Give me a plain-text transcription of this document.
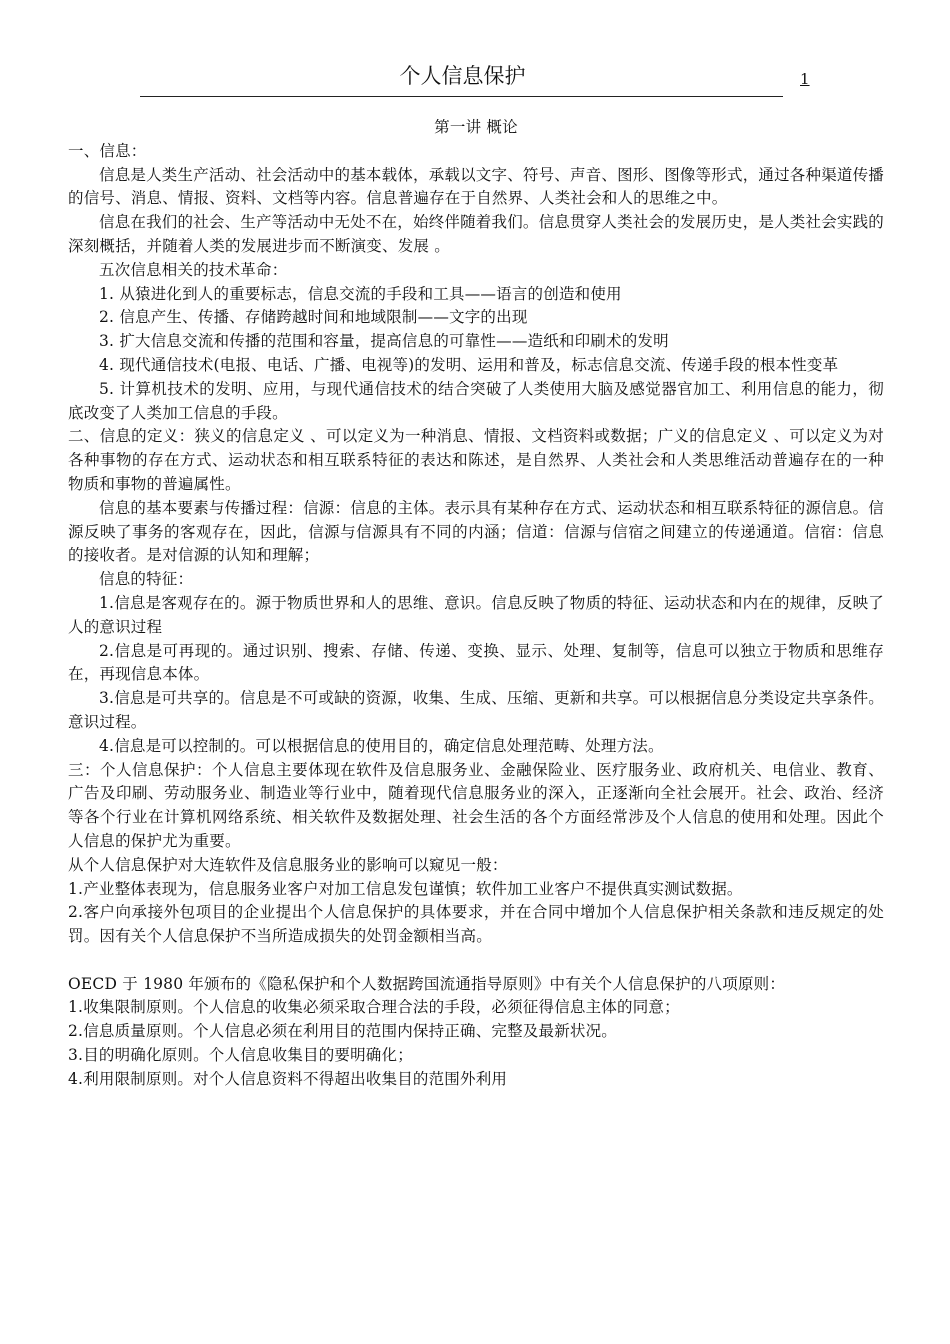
个人信息保护	1

第一讲 概论

一、信息：

信息是人类生产活动、社会活动中的基本载体，承载以文字、符号、声音、图形、图像等形式，通过各种渠道传播的信号、消息、情报、资料、文档等内容。信息普遍存在于自然界、人类社会和人的思维之中。

信息在我们的社会、生产等活动中无处不在，始终伴随着我们。信息贯穿人类社会的发展历史，是人类社会实践的深刻概括，并随着人类的发展进步而不断演变、发展 。

五次信息相关的技术革命：

1. 从猿进化到人的重要标志，信息交流的手段和工具——语言的创造和使用

2. 信息产生、传播、存储跨越时间和地域限制——文字的出现

3. 扩大信息交流和传播的范围和容量，提高信息的可靠性——造纸和印刷术的发明

4. 现代通信技术(电报、电话、广播、电视等)的发明、运用和普及，标志信息交流、传递手段的根本性变革

5. 计算机技术的发明、应用，与现代通信技术的结合突破了人类使用大脑及感觉器官加工、利用信息的能力，彻底改变了人类加工信息的手段。

二、信息的定义：狭义的信息定义 、可以定义为一种消息、情报、文档资料或数据；广义的信息定义 、可以定义为对各种事物的存在方式、运动状态和相互联系特征的表达和陈述，是自然界、人类社会和人类思维活动普遍存在的一种物质和事物的普遍属性。

信息的基本要素与传播过程：信源：信息的主体。表示具有某种存在方式、运动状态和相互联系特征的源信息。信源反映了事务的客观存在，因此，信源与信源具有不同的内涵；信道：信源与信宿之间建立的传递通道。信宿：信息的接收者。是对信源的认知和理解；

信息的特征：

1.信息是客观存在的。源于物质世界和人的思维、意识。信息反映了物质的特征、运动状态和内在的规律，反映了人的意识过程

2.信息是可再现的。通过识别、搜索、存储、传递、变换、显示、处理、复制等，信息可以独立于物质和思维存在，再现信息本体。

3.信息是可共享的。信息是不可或缺的资源，收集、生成、压缩、更新和共享。可以根据信息分类设定共享条件。意识过程。

4.信息是可以控制的。可以根据信息的使用目的，确定信息处理范畴、处理方法。

三：个人信息保护：个人信息主要体现在软件及信息服务业、金融保险业、医疗服务业、政府机关、电信业、教育、广告及印刷、劳动服务业、制造业等行业中，随着现代信息服务业的深入，正逐渐向全社会展开。社会、政治、经济等各个行业在计算机网络系统、相关软件及数据处理、社会生活的各个方面经常涉及个人信息的使用和处理。因此个人信息的保护尤为重要。

从个人信息保护对大连软件及信息服务业的影响可以窥见一般：

1.产业整体表现为，信息服务业客户对加工信息发包谨慎；软件加工业客户不提供真实测试数据。

2.客户向承接外包项目的企业提出个人信息保护的具体要求，并在合同中增加个人信息保护相关条款和违反规定的处罚。因有关个人信息保护不当所造成损失的处罚金额相当高。

OECD 于 1980 年颁布的《隐私保护和个人数据跨国流通指导原则》中有关个人信息保护的八项原则：

1.收集限制原则。个人信息的收集必须采取合理合法的手段，必须征得信息主体的同意；

2.信息质量原则。个人信息必须在利用目的范围内保持正确、完整及最新状况。

3.目的明确化原则。个人信息收集目的要明确化；

4.利用限制原则。对个人信息资料不得超出收集目的范围外利用
